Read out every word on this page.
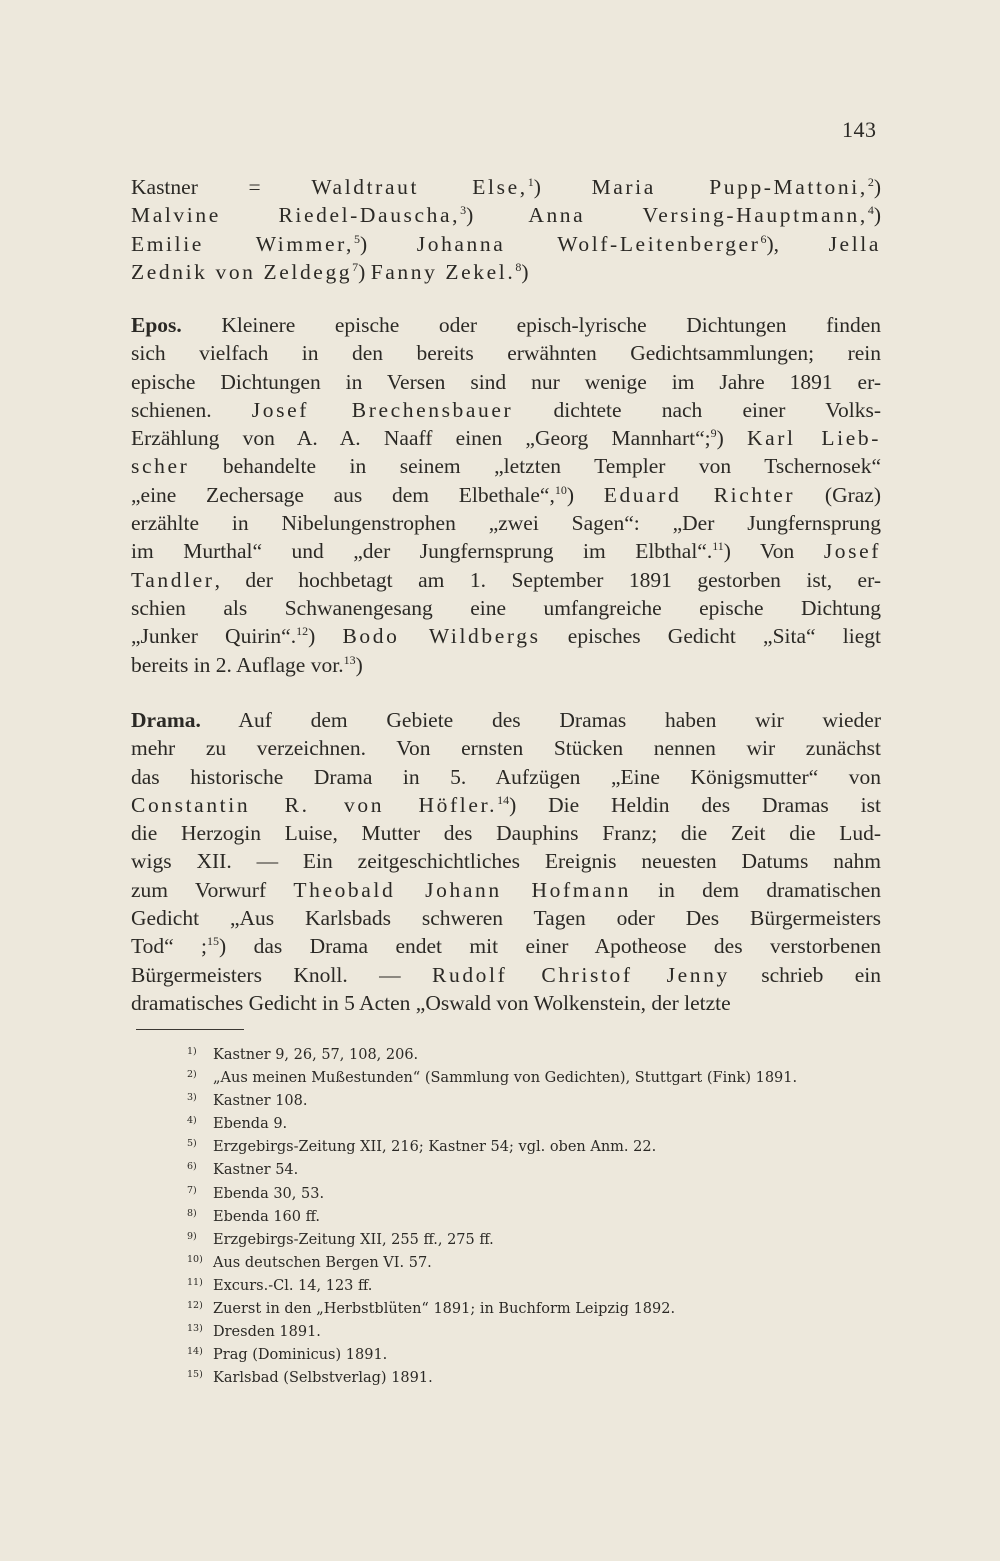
143
Kastner = Waldtraut Else,$^1$) Maria Pupp-Mattoni,$^2$)
Malvine Riedel-Dauscha,$^3$) Anna Versing-Hauptmann,$^4$)
Emilie Wimmer,$^5$) Johanna Wolf-Leitenberger$^6$), Jella
Zednik von Zeldegg$^7$) Fanny Zekel.$^8$)
Epos. Kleinere epische oder episch-lyrische Dichtungen finden
sich vielfach in den bereits erwähnten Gedichtsammlungen; rein
epische Dichtungen in Versen sind nur wenige im Jahre 1891 er-
schienen. Josef Brechensbauer dichtete nach einer Volks-
Erzählung von A. A. Naaff einen „Georg Mannhart“;$^9$) Karl Lieb-
scher behandelte in seinem „letzten Templer von Tschernosek“
„eine Zechersage aus dem Elbethale“,$^{10}$) Eduard Richter (Graz)
erzählte in Nibelungenstrophen „zwei Sagen“: „Der Jungfernsprung
im Murthal“ und „der Jungfernsprung im Elbthal“.$^{11}$) Von Josef
Tandler, der hochbetagt am 1. September 1891 gestorben ist, er-
schien als Schwanengesang eine umfangreiche epische Dichtung
„Junker Quirin“.$^{12}$) Bodo Wildbergs episches Gedicht „Sita“ liegt
bereits in 2. Auflage vor.$^{13}$)
Drama. Auf dem Gebiete des Dramas haben wir wieder
mehr zu verzeichnen. Von ernsten Stücken nennen wir zunächst
das historische Drama in 5. Aufzügen „Eine Königsmutter“ von
Constantin R. von Höfler.$^{14}$) Die Heldin des Dramas ist
die Herzogin Luise, Mutter des Dauphins Franz; die Zeit die Lud-
wigs XII. — Ein zeitgeschichtliches Ereignis neuesten Datums nahm
zum Vorwurf Theobald Johann Hofmann in dem dramatischen
Gedicht „Aus Karlsbads schweren Tagen oder Des Bürgermeisters
Tod“ ;$^{15}$) das Drama endet mit einer Apotheose des verstorbenen
Bürgermeisters Knoll. — Rudolf Christof Jenny schrieb ein
dramatisches Gedicht in 5 Acten „Oswald von Wolkenstein, der letzte
1) Kastner 9, 26, 57, 108, 206.
2) „Aus meinen Mußestunden“ (Sammlung von Gedichten), Stuttgart (Fink) 1891.
3) Kastner 108.
4) Ebenda 9.
5) Erzgebirgs-Zeitung XII, 216; Kastner 54; vgl. oben Anm. 22.
6) Kastner 54.
7) Ebenda 30, 53.
8) Ebenda 160 ff.
9) Erzgebirgs-Zeitung XII, 255 ff., 275 ff.
10) Aus deutschen Bergen VI. 57.
11) Excurs.-Cl. 14, 123 ff.
12) Zuerst in den „Herbstblüten“ 1891; in Buchform Leipzig 1892.
13) Dresden 1891.
14) Prag (Dominicus) 1891.
15) Karlsbad (Selbstverlag) 1891.
